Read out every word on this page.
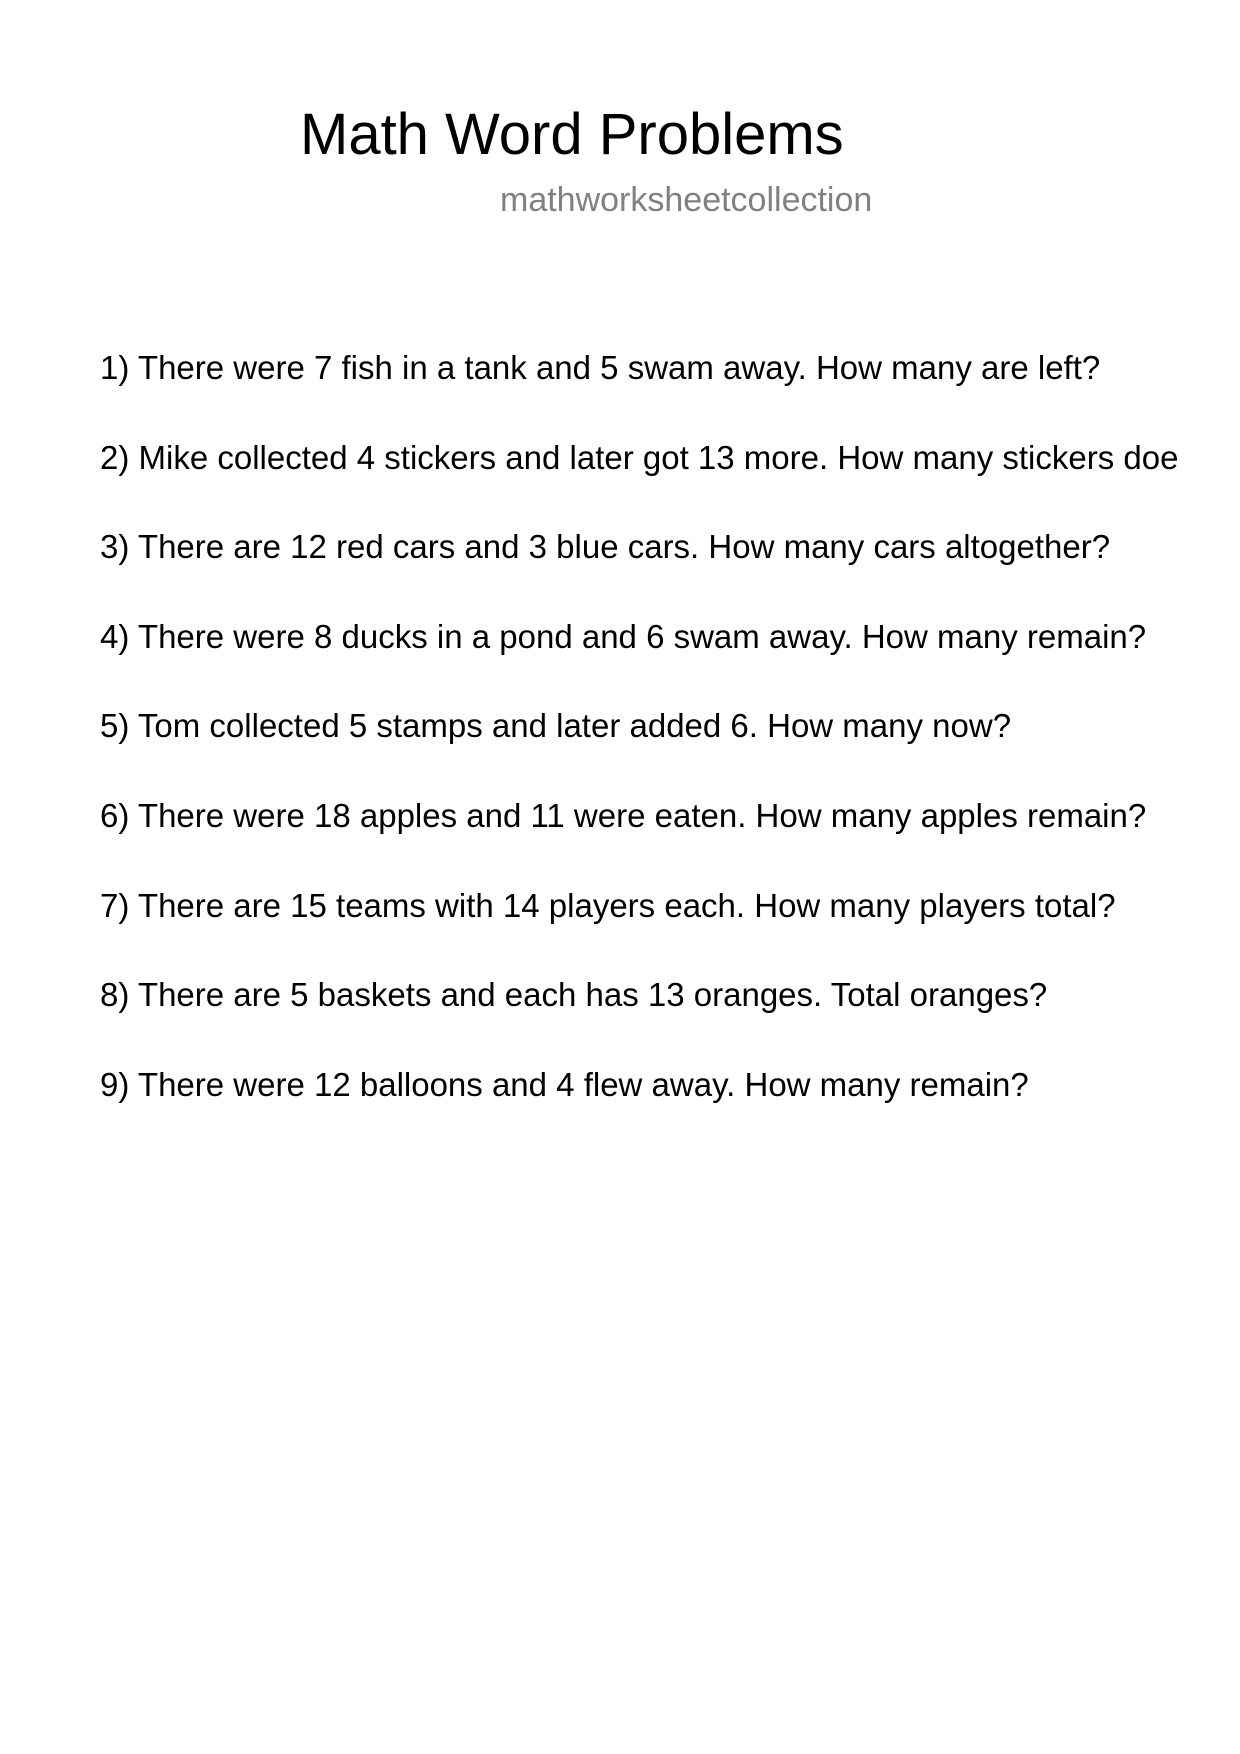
Math Word Problems
mathworksheetcollection
1) There were 7 fish in a tank and 5 swam away. How many are left?
2) Mike collected 4 stickers and later got 13 more. How many stickers doe
3) There are 12 red cars and 3 blue cars. How many cars altogether?
4) There were 8 ducks in a pond and 6 swam away. How many remain?
5) Tom collected 5 stamps and later added 6. How many now?
6) There were 18 apples and 11 were eaten. How many apples remain?
7) There are 15 teams with 14 players each. How many players total?
8) There are 5 baskets and each has 13 oranges. Total oranges?
9) There were 12 balloons and 4 flew away. How many remain?
